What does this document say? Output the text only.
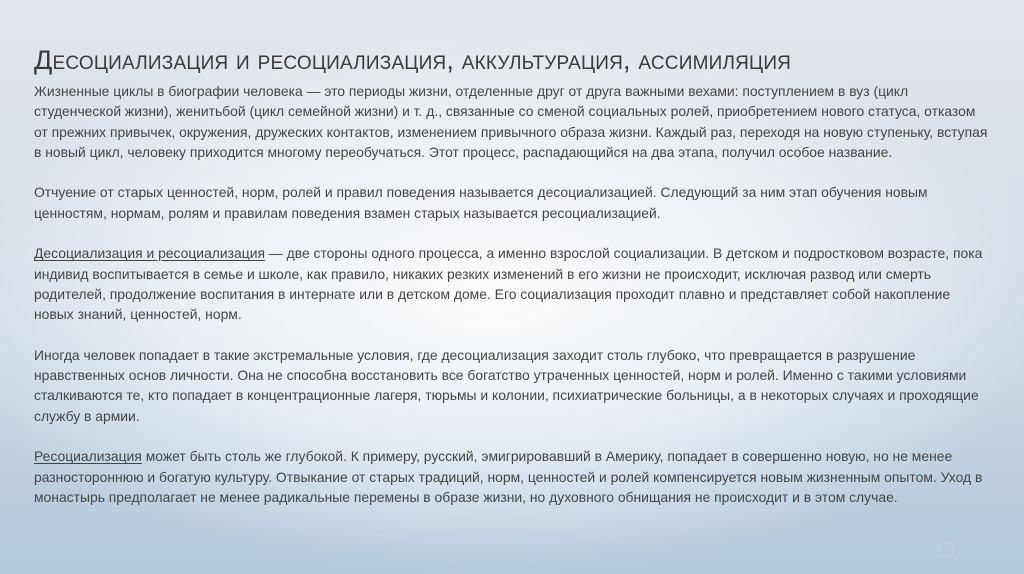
Десоциализация и ресоциализация, аккультурация, ассимиляция

Жизненные циклы в биографии человека — это периоды жизни, отделенные друг от друга важными вехами: поступлением в вуз (цикл студенческой жизни), женитьбой (цикл семейной жизни) и т. д., связанные со сменой социальных ролей, приобретением нового статуса, отказом от прежних привычек, окружения, дружеских контактов, изменением привычного образа жизни. Каждый раз, переходя на новую ступеньку, вступая в новый цикл, человеку приходится многому переобучаться. Этот процесс, распадающийся на два этапа, получил особое название.

Отчуение от старых ценностей, норм, ролей и правил поведения называется десоциализацией. Следующий за ним этап обучения новым ценностям, нормам, ролям и правилам поведения взамен старых называется ресоциализацией.

Десоциализация и ресоциализация — две стороны одного процесса, а именно взрослой социализации. В детском и подростковом возрасте, пока индивид воспитывается в семье и школе, как правило, никаких резких изменений в его жизни не происходит, исключая развод или смерть родителей, продолжение воспитания в интернате или в детском доме. Его социализация проходит плавно и представляет собой накопление новых знаний, ценностей, норм.

Иногда человек попадает в такие экстремальные условия, где десоциализация заходит столь глубоко, что превращается в разрушение нравственных основ личности. Она не способна восстановить все богатство утраченных ценностей, норм и ролей. Именно с такими условиями сталкиваются те, кто попадает в концентрационные лагеря, тюрьмы и колонии, психиатрические больницы, а в некоторых случаях и проходящие службу в армии.

Ресоциализация может быть столь же глубокой. К примеру, русский, эмигрировавший в Америку, попадает в совершенно новую, но не менее разностороннюю и богатую культуру. Отвыкание от старых традиций, норм, ценностей и ролей компенсируется новым жизненным опытом. Уход в монастырь предполагает не менее радикальные перемены в образе жизни, но духовного обнищания не происходит и в этом случае.

13
